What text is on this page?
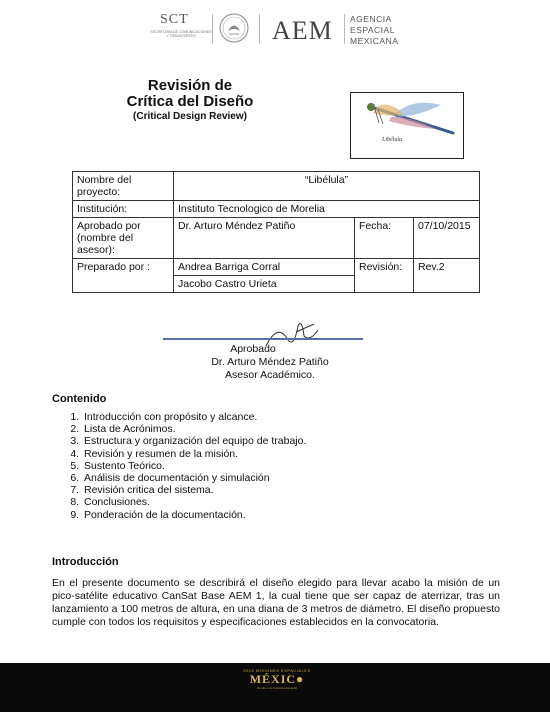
SCT
SECRETARÍA DE COMUNICACIONES Y TRANSPORTES	AEM AGENCIA
ESPACIAL
MEXICANA
Revisión de
Crítica del Diseño
(Critical Design Review)
Libélula
Nombre del proyecto:	“Libélula”		
Institución:	Instituto Tecnologico de Morelia		
Aprobado por (nombre del asesor):	Dr. Arturo Méndez Patiño	Fecha:	07/10/2015
Preparado por :	Andrea Barriga Corral	Revisión:	Rev.2
	Jacobo Castro Urieta		
Aprobado
Dr. Arturo Méndez Patiño
Asesor Académico.
Contenido
1. Introducción con propósito y alcance.
2. Lista de Acrónimos.
3. Estructura y organización del equipo de trabajo.
4. Revisión y resumen de la misión.
5. Sustento Teórico.
6. Análisis de documentación y simulación
7. Revisión critica del sistema.
8. Conclusiones.
9. Ponderación de la documentación.
Introducción
En el presente documento se describirá el diseño elegido para llevar acabo la misión de un pico-satélite educativo CanSat Base AEM 1, la cual tiene que ser capaz de aterrizar, tras un lanzamiento a 100 metros de altura, en una diana de 3 metros de diámetro. El diseño propuesto cumple con todos los requisitos y especificaciones establecidos en la convocatoria.
2015 MISIONES ESPACIALES
MÉXIC●
Rumbo a la Industria Espacial
